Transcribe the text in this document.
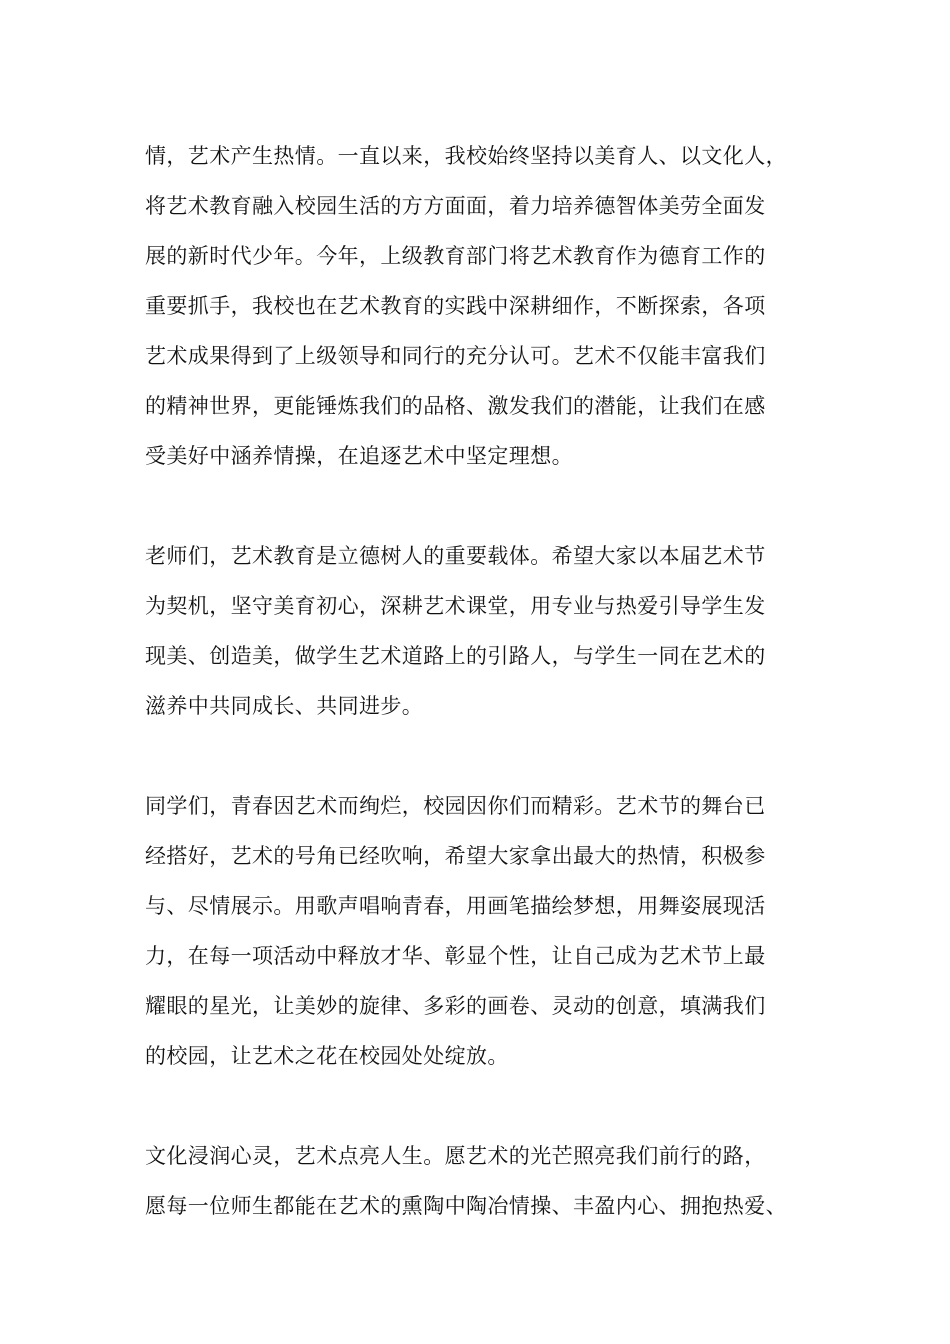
情，艺术产生热情。一直以来，我校始终坚持以美育人、以文化人，
将艺术教育融入校园生活的方方面面，着力培养德智体美劳全面发
展的新时代少年。今年，上级教育部门将艺术教育作为德育工作的
重要抓手，我校也在艺术教育的实践中深耕细作，不断探索，各项
艺术成果得到了上级领导和同行的充分认可。艺术不仅能丰富我们
的精神世界，更能锤炼我们的品格、激发我们的潜能，让我们在感
受美好中涵养情操，在追逐艺术中坚定理想。
老师们，艺术教育是立德树人的重要载体。希望大家以本届艺术节
为契机，坚守美育初心，深耕艺术课堂，用专业与热爱引导学生发
现美、创造美，做学生艺术道路上的引路人，与学生一同在艺术的
滋养中共同成长、共同进步。
同学们，青春因艺术而绚烂，校园因你们而精彩。艺术节的舞台已
经搭好，艺术的号角已经吹响，希望大家拿出最大的热情，积极参
与、尽情展示。用歌声唱响青春，用画笔描绘梦想，用舞姿展现活
力，在每一项活动中释放才华、彰显个性，让自己成为艺术节上最
耀眼的星光，让美妙的旋律、多彩的画卷、灵动的创意，填满我们
的校园，让艺术之花在校园处处绽放。
文化浸润心灵，艺术点亮人生。愿艺术的光芒照亮我们前行的路，
愿每一位师生都能在艺术的熏陶中陶冶情操、丰盈内心、拥抱热爱、
